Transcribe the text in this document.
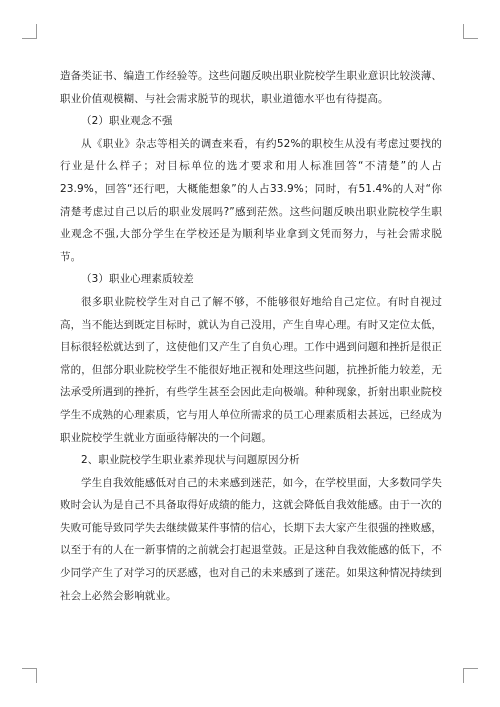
造备类证书、编造工作经验等。这些问题反映出职业院校学生职业意识比较淡薄、职业价值观模糊、与社会需求脱节的现状，职业道德水平也有待提高。

（2）职业观念不强

从《职业》杂志等相关的调查来看，有约52%的职校生从没有考虑过要找的行业是什么样子；对目标单位的选才要求和用人标准回答“不清楚”的人占23.9%，回答“还行吧，大概能想象”的人占33.9%；同时，有51.4%的人对“你清楚考虑过自己以后的职业发展吗?”感到茫然。这些问题反映出职业院校学生职业观念不强,大部分学生在学校还是为顺利毕业拿到文凭而努力，与社会需求脱节。

（3）职业心理素质较差

很多职业院校学生对自己了解不够，不能够很好地给自己定位。有时自视过高，当不能达到既定目标时，就认为自己没用，产生自卑心理。有时又定位太低，目标很轻松就达到了，这使他们又产生了自负心理。工作中遇到问题和挫折是很正常的，但部分职业院校学生不能很好地正视和处理这些问题，抗挫折能力较差，无法承受所遇到的挫折，有些学生甚至会因此走向极端。种种现象，折射出职业院校学生不成熟的心理素质，它与用人单位所需求的员工心理素质相去甚远，已经成为职业院校学生就业方面亟待解决的一个问题。

2、职业院校学生职业素养现状与问题原因分析

学生自我效能感低对自己的未来感到迷茫，如今，在学校里面，大多数同学失败时会认为是自己不具备取得好成绩的能力，这就会降低自我效能感。由于一次的失败可能导致同学失去继续做某件事情的信心，长期下去大家产生很强的挫败感，以至于有的人在一新事情的之前就会打起退堂鼓。正是这种自我效能感的低下，不少同学产生了对学习的厌恶感，也对自己的未来感到了迷茫。如果这种情况持续到社会上必然会影响就业。
